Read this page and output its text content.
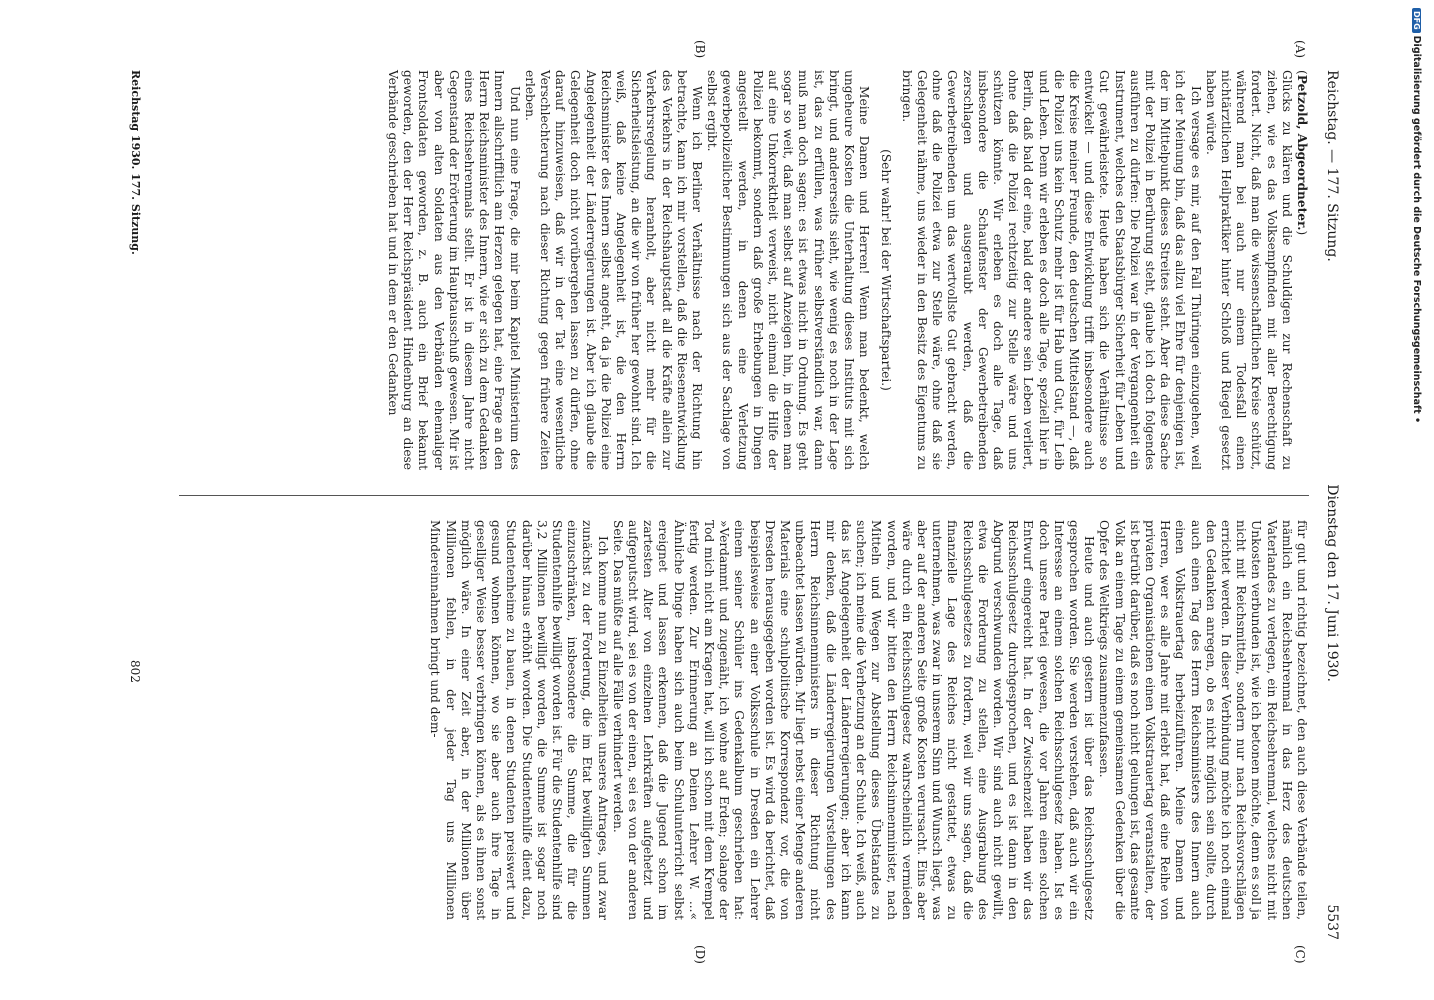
Reichstag. — 177. Sitzung.
Dienstag den 17. Juni 1930.
5537

(Petzold, Abgeordneter.)

Glücks zu klären und die Schuldigen zur Rechenschaft zu ziehen, wie es das Volksempfinden mit aller Berechtigung fordert. Nicht, daß man die wissenschaftlichen Kreise schützt, während man bei auch nur einem Todesfall einen nichtärztlichen Heilpraktiker hinter Schloß und Riegel gesetzt haben würde.

Ich versage es mir, auf den Fall Thüringen einzugehen, weil ich der Meinung bin, daß das allzu viel Ehre für denjenigen ist, der im Mittelpunkt dieses Streites steht. Aber da diese Sache mit der Polizei in Berührung steht, glaube ich doch folgendes ausführen zu dürfen: Die Polizei war in der Vergangenheit ein Instrument, welches den Staatsbürger Sicherheit für Leben und Gut gewährleistete. Heute haben sich die Verhältnisse so entwickelt — und diese Entwicklung trifft insbesondere auch die Kreise meiner Freunde, den deutschen Mittelstand —, daß die Polizei uns kein Schutz mehr ist für Hab und Gut, für Leib und Leben. Denn wir erleben es doch alle Tage, speziell hier in Berlin, daß bald der eine, bald der andere sein Leben verliert, ohne daß die Polizei rechtzeitig zur Stelle wäre und uns schützen könnte. Wir erleben es doch alle Tage, daß insbesondere die Schaufenster der Gewerbetreibenden zerschlagen und ausgeraubt werden, daß die Gewerbetreibenden um das wertvollste Gut gebracht werden, ohne daß die Polizei etwa zur Stelle wäre, ohne daß sie Gelegenheit nähme, uns wieder in den Besitz des Eigentums zu bringen.

(Sehr wahr! bei der Wirtschaftspartei.)

Meine Damen und Herren! Wenn man bedenkt, welch ungeheure Kosten die Unterhaltung dieses Instituts mit sich bringt, und andererseits sieht, wie wenig es noch in der Lage ist, das zu erfüllen, was früher selbstverständlich war, dann muß man doch sagen: es ist etwas nicht in Ordnung. Es geht sogar so weit, daß man selbst auf Anzeigen hin, in denen man auf eine Unkorrektheit verweist, nicht einmal die Hilfe der Polizei bekommt, sondern daß große Erhebungen in Dingen angestellt werden, in denen eine Verletzung gewerbepolizeilicher Bestimmungen sich aus der Sachlage von selbst ergibt.

Wenn ich Berliner Verhältnisse nach der Richtung hin betrachte, kann ich mir vorstellen, daß die Riesenentwicklung des Verkehrs in der Reichshauptstadt all die Kräfte allein zur Verkehrsregelung heranholt, aber nicht mehr für die Sicherheitsleistung, an die wir von früher her gewohnt sind. Ich weiß, daß keine Angelegenheit ist, die den Herrn Reichsminister des Innern selbst angeht, da ja die Polizei eine Angelegenheit der Länderregierungen ist. Aber ich glaube die Gelegenheit doch nicht vorübergehen lassen zu dürfen, ohne darauf hinzuweisen, daß wir in der Tat eine wesentliche Verschlechterung nach dieser Richtung gegen frühere Zeiten erleben.

Und nun eine Frage, die mir beim Kapitel Ministerium des Innern allschrifftlich am Herzen gelegen hat, eine Frage an den Herrn Reichsminister des Innern, wie er sich zu dem Gedanken eines Reichsehrenmals stellt. Er ist in diesem Jahre nicht Gegenstand der Erörterung im Hauptausschuß gewesen. Mir ist aber von alten Soldaten aus den Verbänden ehemaliger Frontsoldaten geworden, z. B. auch ein Brief bekannt geworden, den der Herr Reichspräsident Hindenburg an diese Verbände geschrieben hat und in dem er den Gedanken

für gut und richtig bezeichnet, den auch diese Verbände teilen, nämlich ein Reichsehrenmal in das Herz des deutschen Vaterlandes zu verlegen, ein Reichsehrenmal, welches nicht mit Unkosten verbunden ist, wie ich betonen möchte, denn es soll ja nicht mit Reichsmitteln, sondern nur nach Reichsvorschlägen errichtet werden. In dieser Verbindung möchte ich noch einmal den Gedanken anregen, ob es nicht möglich sein sollte, durch auch einen Tag des Herrn Reichsministers des Innern auch einen Volkstrauertag herbeizuführen. Meine Damen und Herren, wer es alle Jahre mit erlebt hat, daß eine Reihe von privaten Organisationen einen Volkstrauertag veranstalten, der ist betrübt darüber, daß es noch nicht gelungen ist, das gesamte Volk an einem Tage zu einem gemeinsamen Gedenken über die Opfer des Weltkriegs zusammenzufassen.

Heute und auch gestern ist über das Reichsschulgesetz gesprochen worden. Sie werden verstehen, daß auch wir ein Interesse an einem solchen Reichsschulgesetz haben. Ist es doch unsere Partei gewesen, die vor Jahren einen solchen Entwurf eingereicht hat. In der Zwischenzeit haben wir das Reichsschulgesetz durchgesprochen, und es ist dann in den Abgrund verschwunden worden. Wir sind auch nicht gewillt, etwa die Forderung zu stellen, eine Ausgrabung des Reichsschulgesetzes zu fordern, weil wir uns sagen, daß die finanzielle Lage des Reiches nicht gestattet, etwas zu unternehmen, was zwar in unserem Sinn und Wunsch liegt, was aber auf der anderen Seite große Kosten verursacht. Eins aber wäre durch ein Reichsschulgesetz wahrscheinlich vermieden worden, und wir bitten den Herrn Reichsinnenminister, nach Mitteln und Wegen zur Abstellung dieses Übelstandes zu suchen; ich meine die Verhetzung an der Schule. Ich weiß, auch das ist Angelegenheit der Länderregierungen; aber ich kann mir denken, daß die Länderregierungen Vorstellungen des Herrn Reichsinnenministers in dieser Richtung nicht unbeachtet lassen würden. Mir liegt nebst einer Menge anderen Materials eine schulpolitische Korrespondenz vor, die von Dresden herausgegeben worden ist. Es wird da berichtet, daß beispielsweise an einer Volksschule in Dresden ein Lehrer einem seiner Schüler ins Gedenkalbum geschrieben hat: »Verdammt und zugenäht, ich wohne auf Erden; solange der Tod mich nicht am Kragen hat, will ich schon mit dem Krempel fertig werden. Zur Erinnerung an Deinen Lehrer W. ...« Ähnliche Dinge haben sich auch beim Schulunterricht selbst ereignet und lassen erkennen, daß die Jugend schon im zartesten Alter von einzelnen Lehrkräften aufgehetzt und aufgeputscht wird, sei es von der einen, sei es von der anderen Seite. Das müßte auf alle Fälle verhindert werden.

Ich komme nun zu Einzelheiten unseres Antrages, und zwar zunächst zu der Forderung, die im Etat bewilligten Summen einzuschränken, insbesondere die Summe, die für die Studentenhilfe bewilligt worden ist. Für die Studentenhilfe sind 3,2 Millionen bewilligt worden, die Summe ist sogar noch darüber hinaus erhöht worden. Die Studentenhilfe dient dazu, Studentenheime zu bauen, in denen Studenten preiswert und gesund wohnen können, wo sie aber auch ihre Tage in geselliger Weise besser verbringen können, als es ihnen sonst möglich wäre. In einer Zeit aber, in der Millionen über Millionen fehlen, in der jeder Tag uns Millionen Mindereinnahmen bringt und dem-

(A)
(B)
(C)
(D)
Reichstag 1930. 177. Sitzung.
802
DFGDigitalisierung gefördert durch die Deutsche Forschungsgemeinschaft •
